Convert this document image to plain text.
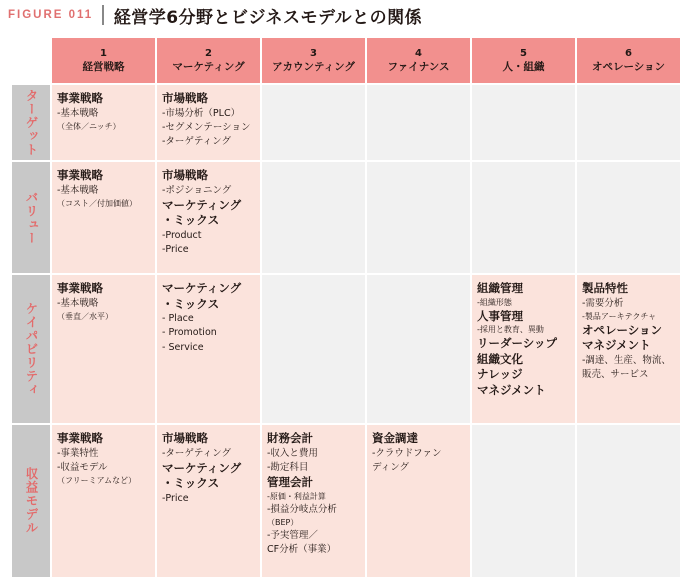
FIGURE 011 経営学6分野とビジネスモデルとの関係
1
経営戦略
2
マーケティング
3
アカウンティング
4
ファイナンス
5
人・組織
6
オペレーション
ターゲット 事業戦略
-基本戦略
（全体／ニッチ）
市場戦略
-市場分析（PLC）
-セグメンテーション
-ターゲティング
バリュー
事業戦略
-基本戦略
（コスト／付加価値）
市場戦略
-ポジショニング
マーケティング
・ミックス
-Product
-Price
ケイパビリティ
事業戦略
-基本戦略
（垂直／水平）
マーケティング
・ミックス
- Place
- Promotion
- Service
組織管理
-組織形態
人事管理
-採用と教育、異動
リーダーシップ
組織文化
ナレッジ
マネジメント
製品特性
-需要分析
-製品アーキテクチャ
オペレーション
マネジメント
-調達、生産、物流、
販売、サービス
収益モデル
事業戦略
-事業特性
-収益モデル
（フリーミアムなど）
市場戦略
-ターゲティング
マーケティング
・ミックス
-Price
財務会計
-収入と費用
-勘定科目
管理会計
-原価・利益計算
-損益分岐点分析
（BEP）
-予実管理／
CF分析（事業）
資金調達
-クラウドファン
ディング
